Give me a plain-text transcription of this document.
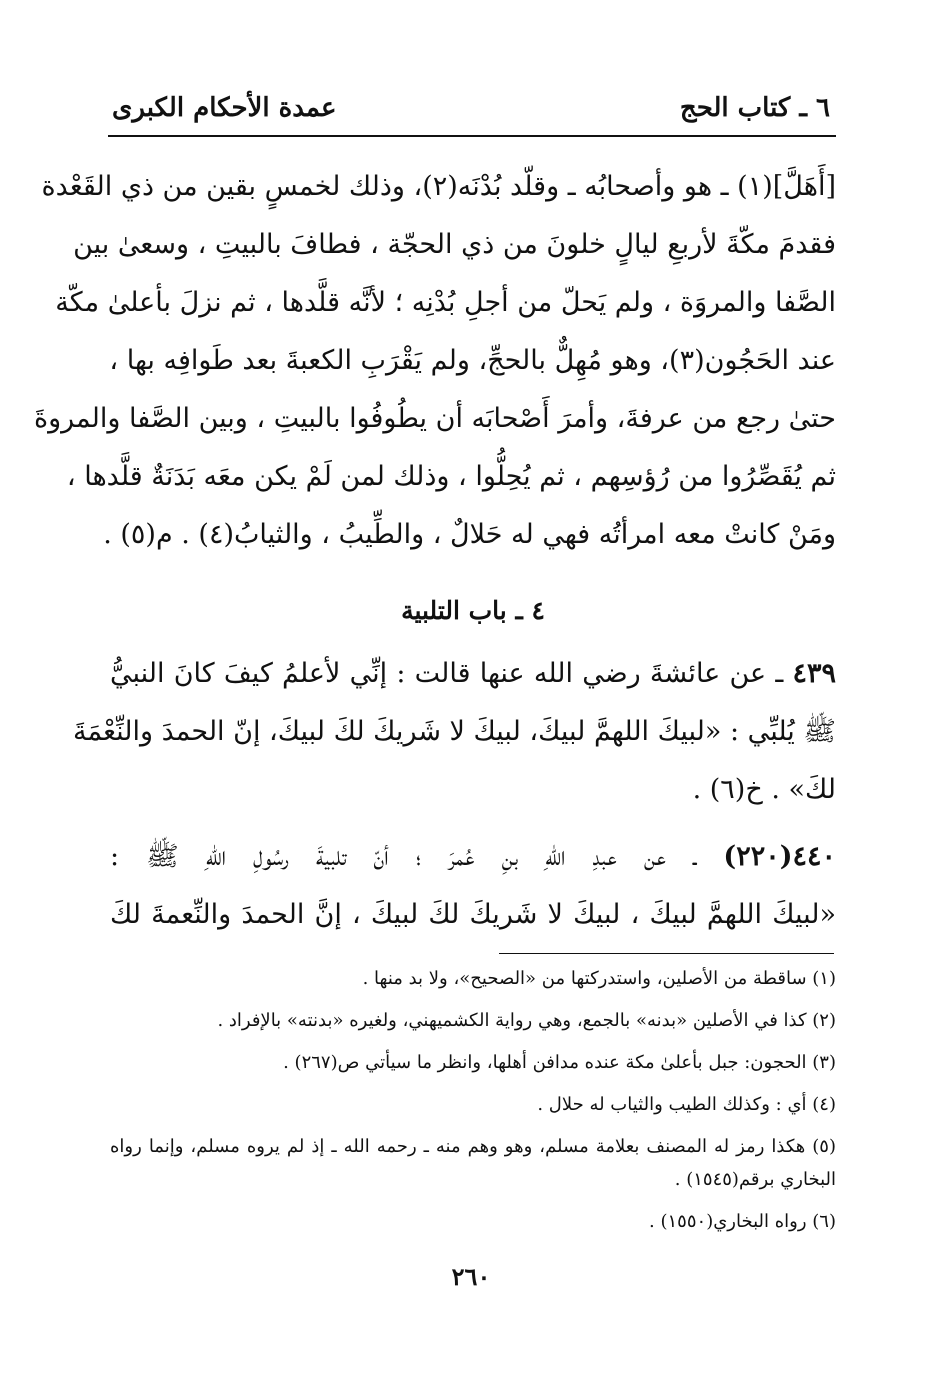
٦ ـ كتاب الحج
عمدة الأحكام الكبرى
[أَهَلَّ](١) ـ هو وأصحابُه ـ وقلّد بُدْنَه(٢)، وذلك لخمسٍ بقين من ذي القَعْدة
فقدمَ مكّةَ لأربعِ ليالٍ خلونَ من ذي الحجّة ، فطافَ بالبيتِ ، وسعىٰ بين
الصَّفا والمروَة ، ولم يَحلّ من أجلِ بُدْنِه ؛ لأنَّه قلَّدها ، ثم نزلَ بأعلىٰ مكّة
عند الحَجُون(٣)، وهو مُهِلٌّ بالحجِّ، ولم يَقْرَبِ الكعبةَ بعد طَوافِه بها ،
حتىٰ رجع من عرفةَ، وأمرَ أَصْحابَه أن يطُوفُوا بالبيتِ ، وبين الصَّفا والمروةَ
ثم يُقَصِّرُوا من رُؤسِهم ، ثم يُحِلُّوا ، وذلك لمن لَمْ يكن معَه بَدَنَةٌ قلَّدها ،
ومَنْ كانتْ معه امرأتُه فهي له حَلالٌ ، والطِّيبُ ، والثيابُ(٤) . م(٥) .
٤ ـ باب التلبية
٤٣٩ ـ عن عائشةَ رضي الله عنها قالت : إنِّي لأعلمُ كيفَ كانَ النبيُّ
ﷺ يُلبِّي : «لبيكَ اللهمَّ لبيكَ، لبيكَ لا شَريكَ لكَ لبيكَ، إنّ الحمدَ والنِّعْمَةَ
لكَ» . خ(٦) .
٤٤٠(٢٢٠) ـ عن عبدِ اللهِ بنِ عُمرَ ؛ أنّ تلبيةَ رسُولِ اللهِ ﷺ :
«لبيكَ اللهمَّ لبيكَ ، لبيكَ لا شَريكَ لكَ لبيكَ ، إنَّ الحمدَ والنِّعمةَ لكَ
(١) ساقطة من الأصلين، واستدركتها من «الصحيح»، ولا بد منها .
(٢) كذا في الأصلين «بدنه» بالجمع، وهي رواية الكشميهني، ولغيره «بدنته» بالإفراد .
(٣) الحجون: جبل بأعلىٰ مكة عنده مدافن أهلها، وانظر ما سيأتي ص(٢٦٧) .
(٤) أي : وكذلك الطيب والثياب له حلال .
(٥) هكذا رمز له المصنف بعلامة مسلم، وهو وهم منه ـ رحمه الله ـ إذ لم يروه مسلم، وإنما رواه البخاري برقم(١٥٤٥) .
(٦) رواه البخاري(١٥٥٠) .
٢٦٠
